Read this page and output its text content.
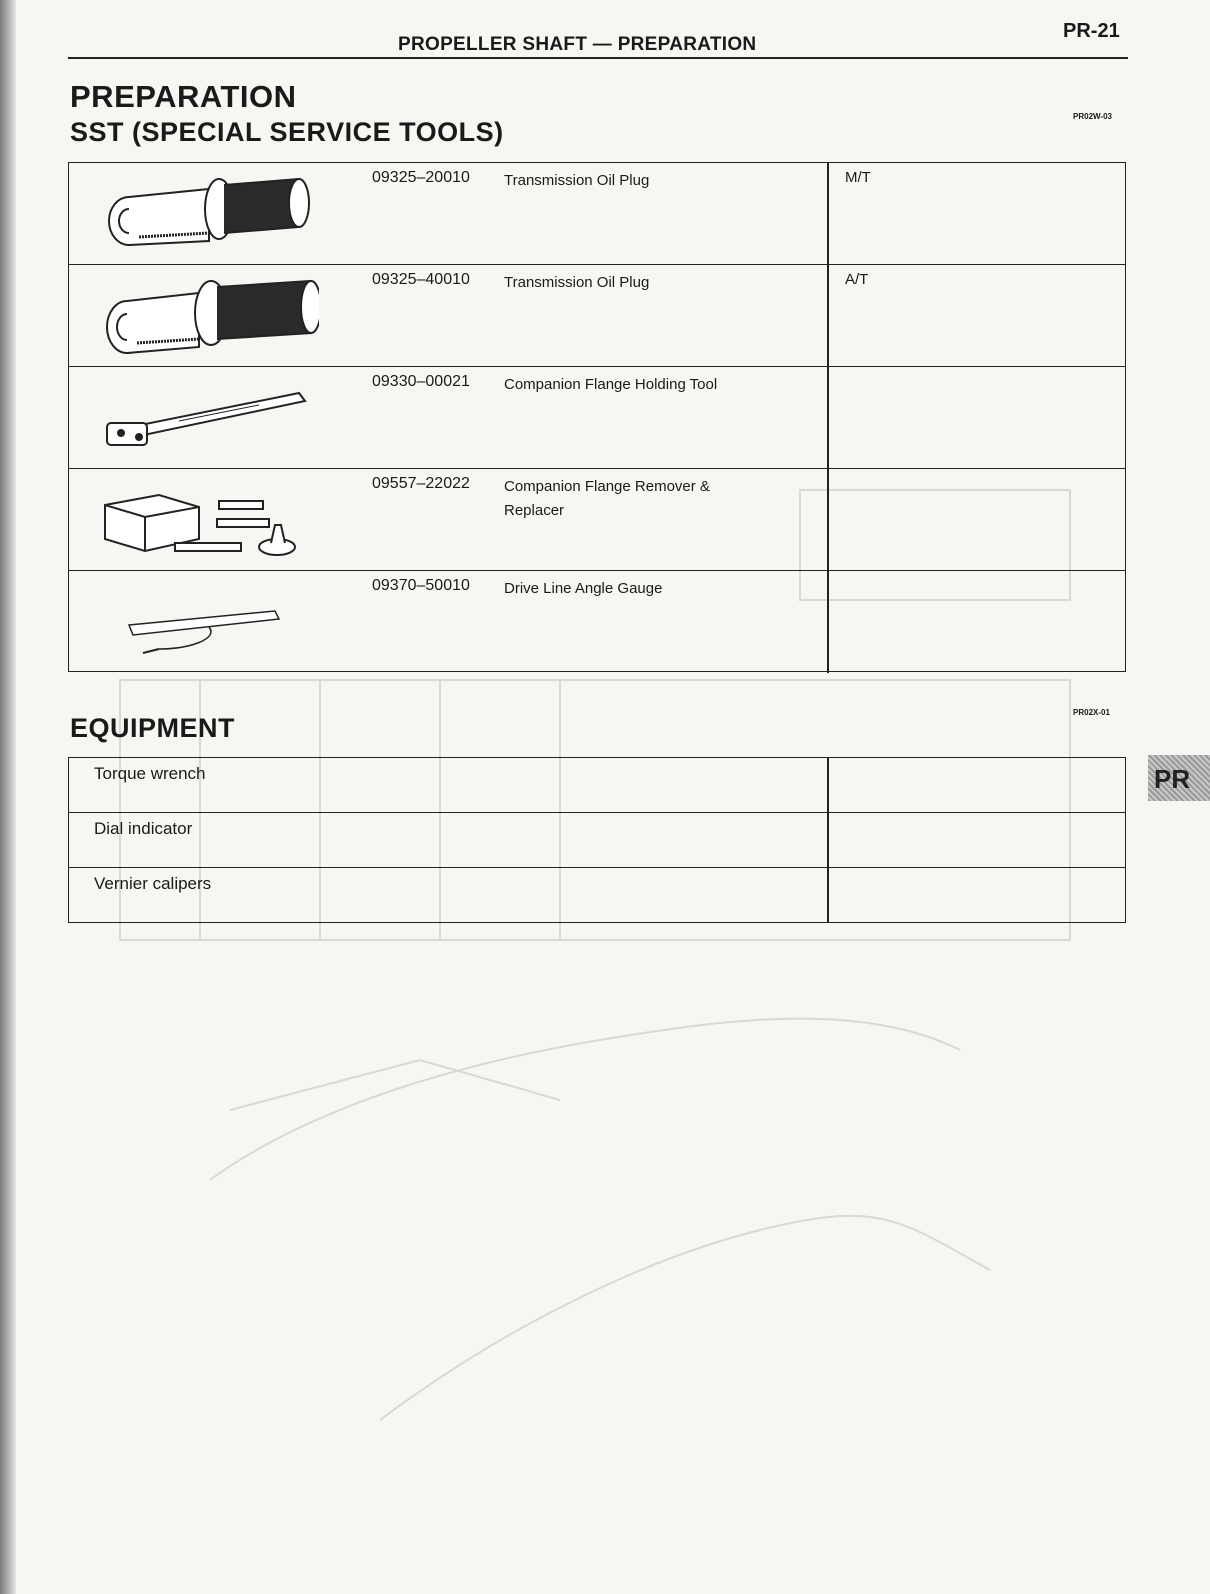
PROPELLER SHAFT — PREPARATION
PR-21
PREPARATION
SST (SPECIAL SERVICE TOOLS)
PR02W-03
09325–20010 Transmission Oil Plug	M/T
09325–40010 Transmission Oil Plug	A/T
09330–00021 Companion Flange Holding Tool
09557–22022 Companion Flange Remover & Replacer
09370–50010 Drive Line Angle Gauge
PR02X-01
EQUIPMENT
Torque wrench
Dial indicator
Vernier calipers
PR
